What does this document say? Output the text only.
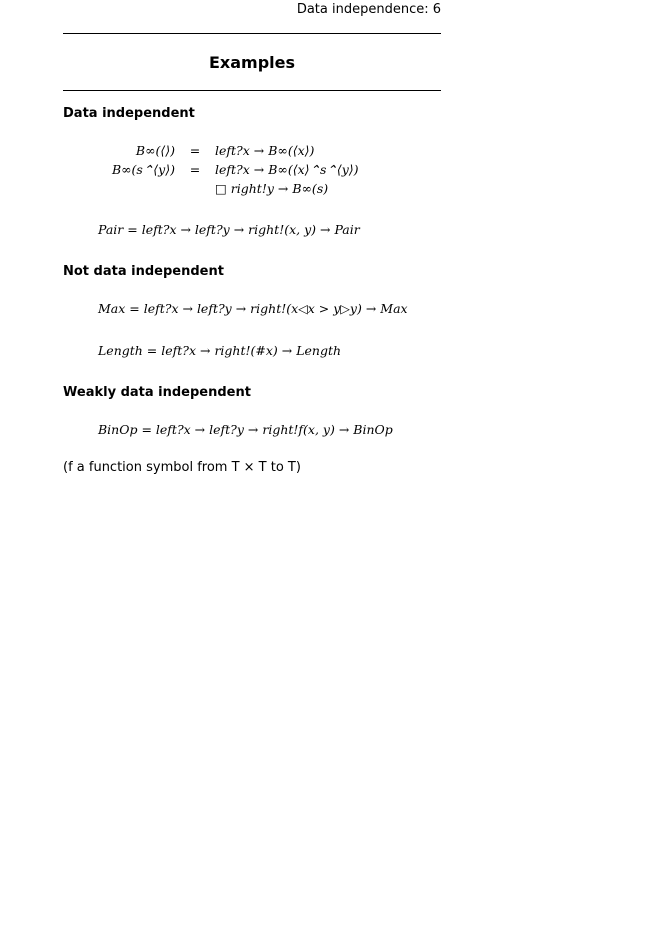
Data independence: 6
Examples
Data independent
B∞(⟨⟩)	=	left?x → B∞(⟨x⟩)
B∞(s⌃⟨y⟩)	=	left?x → B∞(⟨x⟩⌃s⌃⟨y⟩)
□ right!y → B∞(s)
Pair = left?x → left?y → right!(x, y) → Pair
Not data independent
Max = left?x → left?y → right!(x◁x > y▷y) → Max
Length = left?x → right!(#x) → Length
Weakly data independent
BinOp = left?x → left?y → right!f(x, y) → BinOp
(f a function symbol from T × T to T)
